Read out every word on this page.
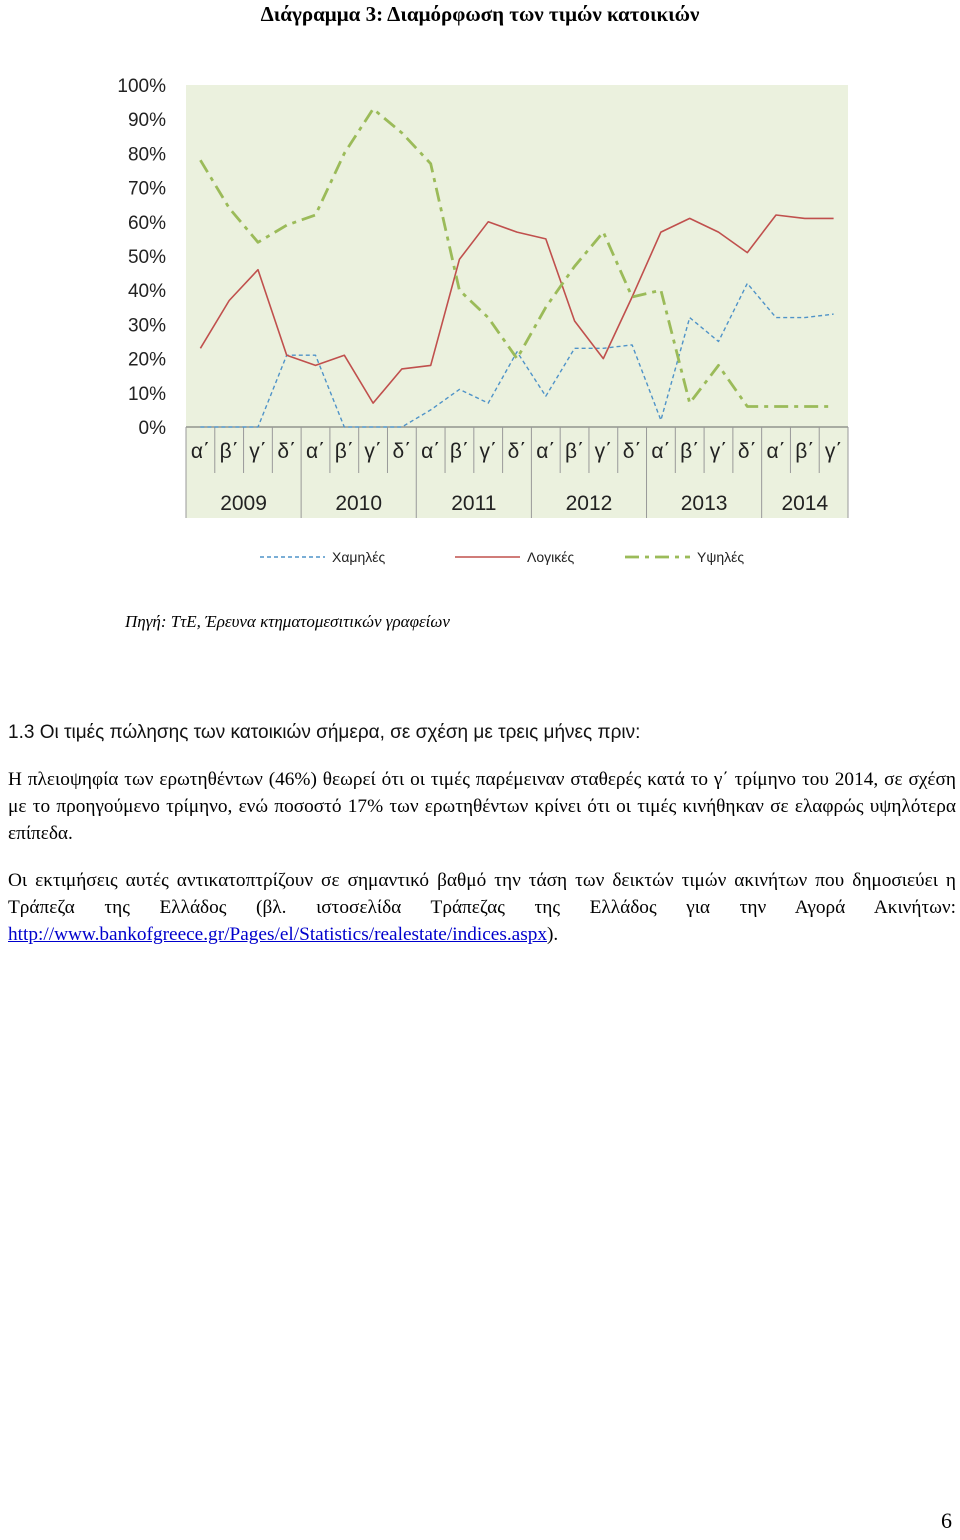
Διάγραμμα 3: Διαμόρφωση των τιμών κατοικιών
0%
10%
20%
30%
40%
50%
60%
70%
80%
90%
100%
α΄ β΄ γ΄ δ΄ α΄ β΄ γ΄ δ΄ α΄ β΄ γ΄ δ΄ α΄ β΄ γ΄ δ΄ α΄ β΄ γ΄ δ΄ α΄ β΄ γ΄
2009	2010	2011	2012	2013	2014
Χαμηλές	Λογικές	Υψηλές
Πηγή: ΤτΕ, Έρευνα κτηματομεσιτικών γραφείων
1.3 Οι τιμές πώλησης των κατοικιών σήμερα, σε σχέση με τρεις μήνες πριν:
Η πλειοψηφία των ερωτηθέντων (46%) θεωρεί ότι οι τιμές παρέμειναν σταθερές κατά το γ΄ τρίμηνο του 2014, σε σχέση με το προηγούμενο τρίμηνο, ενώ ποσοστό 17% των ερωτηθέντων κρίνει ότι οι τιμές κινήθηκαν σε ελαφρώς υψηλότερα επίπεδα.
Οι εκτιμήσεις αυτές αντικατοπτρίζουν σε σημαντικό βαθμό την τάση των δεικτών τιμών ακινήτων που δημοσιεύει η Τράπεζα της Ελλάδος (βλ. ιστοσελίδα Τράπεζας της Ελλάδος για την Αγορά Ακινήτων: http://www.bankofgreece.gr/Pages/el/Statistics/realestate/indices.aspx).
6
